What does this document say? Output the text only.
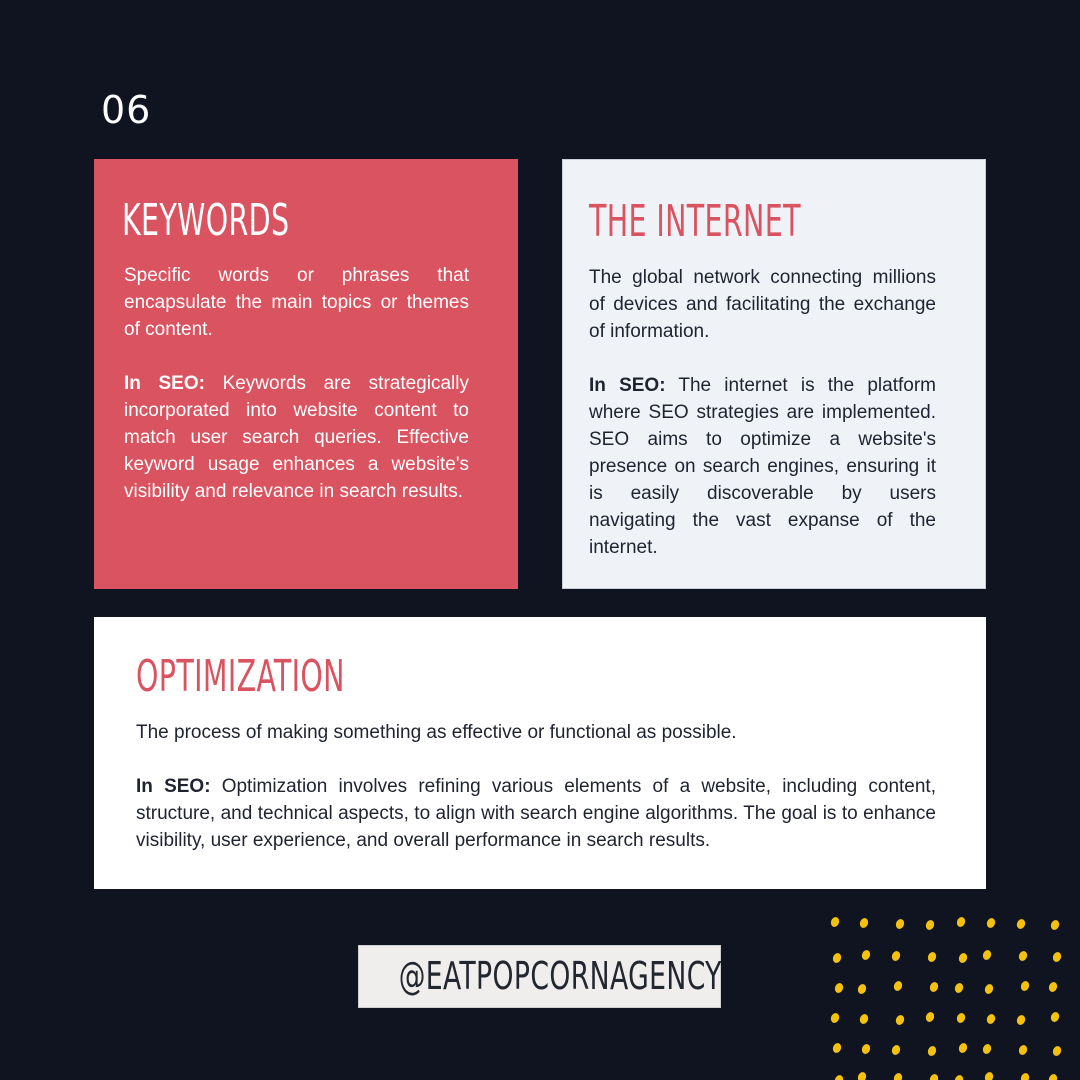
06
KEYWORDS

Specific words or phrases that encapsulate the main topics or themes of content.

In SEO: Keywords are strategically incorporated into website content to match user search queries. Effective keyword usage enhances a website's visibility and relevance in search results.

THE INTERNET

The global network connecting millions of devices and facilitating the exchange of information.

In SEO: The internet is the platform where SEO strategies are implemented. SEO aims to optimize a website's presence on search engines, ensuring it is easily discoverable by users navigating the vast expanse of the internet.

OPTIMIZATION

The process of making something as effective or functional as possible.

In SEO: Optimization involves refining various elements of a website, including content, structure, and technical aspects, to align with search engine algorithms. The goal is to enhance visibility, user experience, and overall performance in search results.

@EATPOPCORNAGENCY
